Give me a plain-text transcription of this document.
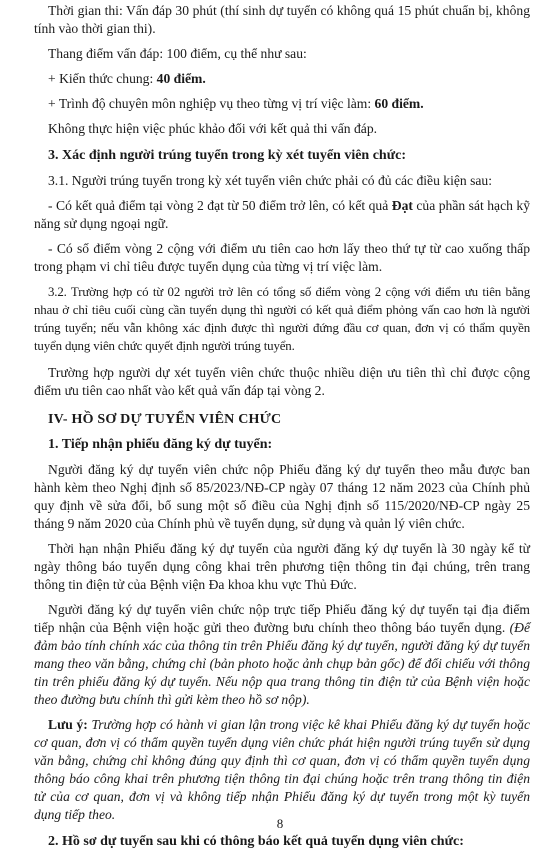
Thời gian thi: Vấn đáp 30 phút (thí sinh dự tuyển có không quá 15 phút chuẩn bị, không tính vào thời gian thi).

Thang điểm vấn đáp: 100 điểm, cụ thể như sau:

+ Kiến thức chung: 40 điểm.

+ Trình độ chuyên môn nghiệp vụ theo từng vị trí việc làm: 60 điểm.

Không thực hiện việc phúc khảo đối với kết quả thi vấn đáp.

3. Xác định người trúng tuyển trong kỳ xét tuyển viên chức:

3.1. Người trúng tuyển trong kỳ xét tuyển viên chức phải có đủ các điều kiện sau:

- Có kết quả điểm tại vòng 2 đạt từ 50 điểm trở lên, có kết quả Đạt của phần sát hạch kỹ năng sử dụng ngoại ngữ.

- Có số điểm vòng 2 cộng với điểm ưu tiên cao hơn lấy theo thứ tự từ cao xuống thấp trong phạm vi chỉ tiêu được tuyển dụng của từng vị trí việc làm.

3.2. Trường hợp có từ 02 người trở lên có tổng số điểm vòng 2 cộng với điểm ưu tiên bằng nhau ở chỉ tiêu cuối cùng cần tuyển dụng thì người có kết quả điểm phỏng vấn cao hơn là người trúng tuyển; nếu vẫn không xác định được thì người đứng đầu cơ quan, đơn vị có thẩm quyền tuyển dụng viên chức quyết định người trúng tuyển.

Trường hợp người dự xét tuyển viên chức thuộc nhiều diện ưu tiên thì chỉ được cộng điểm ưu tiên cao nhất vào kết quả vấn đáp tại vòng 2.

IV- HỒ SƠ DỰ TUYỂN VIÊN CHỨC

1. Tiếp nhận phiếu đăng ký dự tuyển:

Người đăng ký dự tuyển viên chức nộp Phiếu đăng ký dự tuyển theo mẫu được ban hành kèm theo Nghị định số 85/2023/NĐ-CP ngày 07 tháng 12 năm 2023 của Chính phủ quy định về sửa đổi, bổ sung một số điều của Nghị định số 115/2020/NĐ-CP ngày 25 tháng 9 năm 2020 của Chính phủ về tuyển dụng, sử dụng và quản lý viên chức.

Thời hạn nhận Phiếu đăng ký dự tuyển của người đăng ký dự tuyển là 30 ngày kể từ ngày thông báo tuyển dụng công khai trên phương tiện thông tin đại chúng, trên trang thông tin điện tử của Bệnh viện Đa khoa khu vực Thủ Đức.

Người đăng ký dự tuyển viên chức nộp trực tiếp Phiếu đăng ký dự tuyển tại địa điểm tiếp nhận của Bệnh viện hoặc gửi theo đường bưu chính theo thông báo tuyển dụng. (Để đảm bảo tính chính xác của thông tin trên Phiếu đăng ký dự tuyển, người đăng ký dự tuyển mang theo văn bằng, chứng chỉ (bản photo hoặc ảnh chụp bản gốc) để đối chiếu với thông tin trên phiếu đăng ký dự tuyển. Nếu nộp qua trang thông tin điện tử của Bệnh viện hoặc theo đường bưu chính thì gửi kèm theo hồ sơ nộp).

Lưu ý: Trường hợp có hành vi gian lận trong việc kê khai Phiếu đăng ký dự tuyển hoặc cơ quan, đơn vị có thẩm quyền tuyển dụng viên chức phát hiện người trúng tuyển sử dụng văn bằng, chứng chỉ không đúng quy định thì cơ quan, đơn vị có thẩm quyền tuyển dụng thông báo công khai trên phương tiện thông tin đại chúng hoặc trên trang thông tin điện tử của cơ quan, đơn vị và không tiếp nhận Phiếu đăng ký dự tuyển trong một kỳ tuyển dụng tiếp theo.

2. Hồ sơ dự tuyển sau khi có thông báo kết quả tuyển dụng viên chức:

8
